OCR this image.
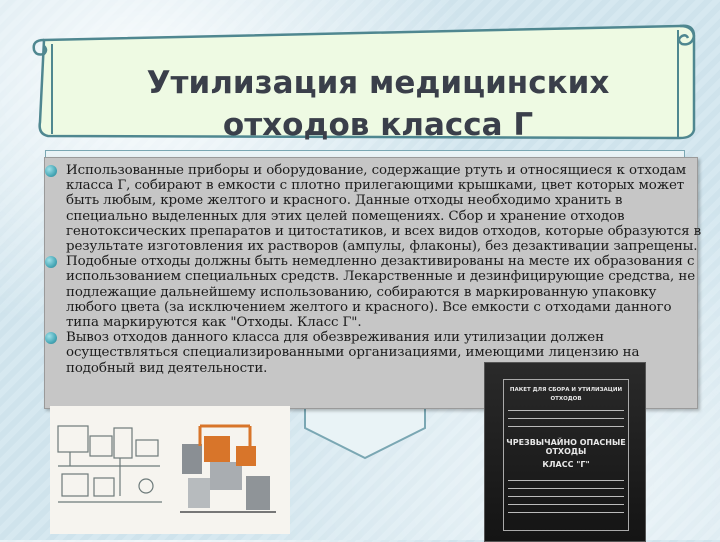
Утилизация медицинских
отходов класса Г
Использованные приборы и оборудование, содержащие ртуть и относящиеся к отходам класса Г, собирают в емкости с плотно прилегающими крышками, цвет которых может быть любым, кроме желтого и красного. Данные отходы необходимо хранить в специально выделенных для этих целей помещениях. Сбор и хранение отходов генотоксических препаратов и цитостатиков, и всех видов отходов, которые образуются в результате изготовления их растворов (ампулы, флаконы), без дезактивации запрещены.
Подобные отходы должны быть немедленно дезактивированы на месте их образования с использованием специальных средств. Лекарственные и дезинфицирующие средства, не подлежащие дальнейшему использованию, собираются в маркированную упаковку любого цвета (за исключением желтого и красного). Все емкости с отходами данного типа маркируются как "Отходы. Класс Г".
Вывоз отходов данного класса для обезвреживания или утилизации должен осуществляться специализированными организациями, имеющими лицензию на подобный вид деятельности.
ПАКЕТ ДЛЯ СБОРА И УТИЛИЗАЦИИ ОТХОДОВ
ЧРЕЗВЫЧАЙНО ОПАСНЫЕ ОТХОДЫ
КЛАСС "Г"
